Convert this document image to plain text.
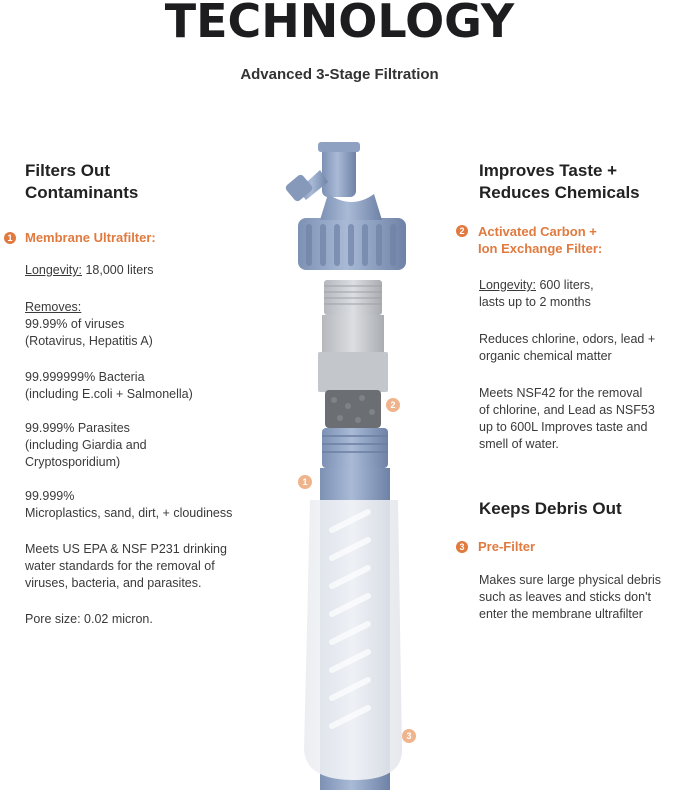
TECHNOLOGY
Advanced 3-Stage Filtration
Filters Out
Contaminants
1 Membrane Ultrafilter:
Longevity: 18,000 liters
Removes:
99.99% of viruses
(Rotavirus, Hepatitis A)
99.999999% Bacteria
(including E.coli + Salmonella)
99.999% Parasites
(including Giardia and
Cryptosporidium)
99.999%
Microplastics, sand, dirt, + cloudiness
Meets US EPA & NSF P231 drinking
water standards for the removal of
viruses, bacteria, and parasites.
Pore size: 0.02 micron.
Improves Taste +
Reduces Chemicals
2 Activated Carbon +
Ion Exchange Filter:
Longevity: 600 liters,
lasts up to 2 months
Reduces chlorine, odors, lead +
organic chemical matter
Meets NSF42 for the removal
of chlorine, and Lead as NSF53
up to 600L Improves taste and
smell of water.
Keeps Debris Out
3 Pre-Filter
Makes sure large physical debris
such as leaves and sticks don't
enter the membrane ultrafilter
1
2
3
